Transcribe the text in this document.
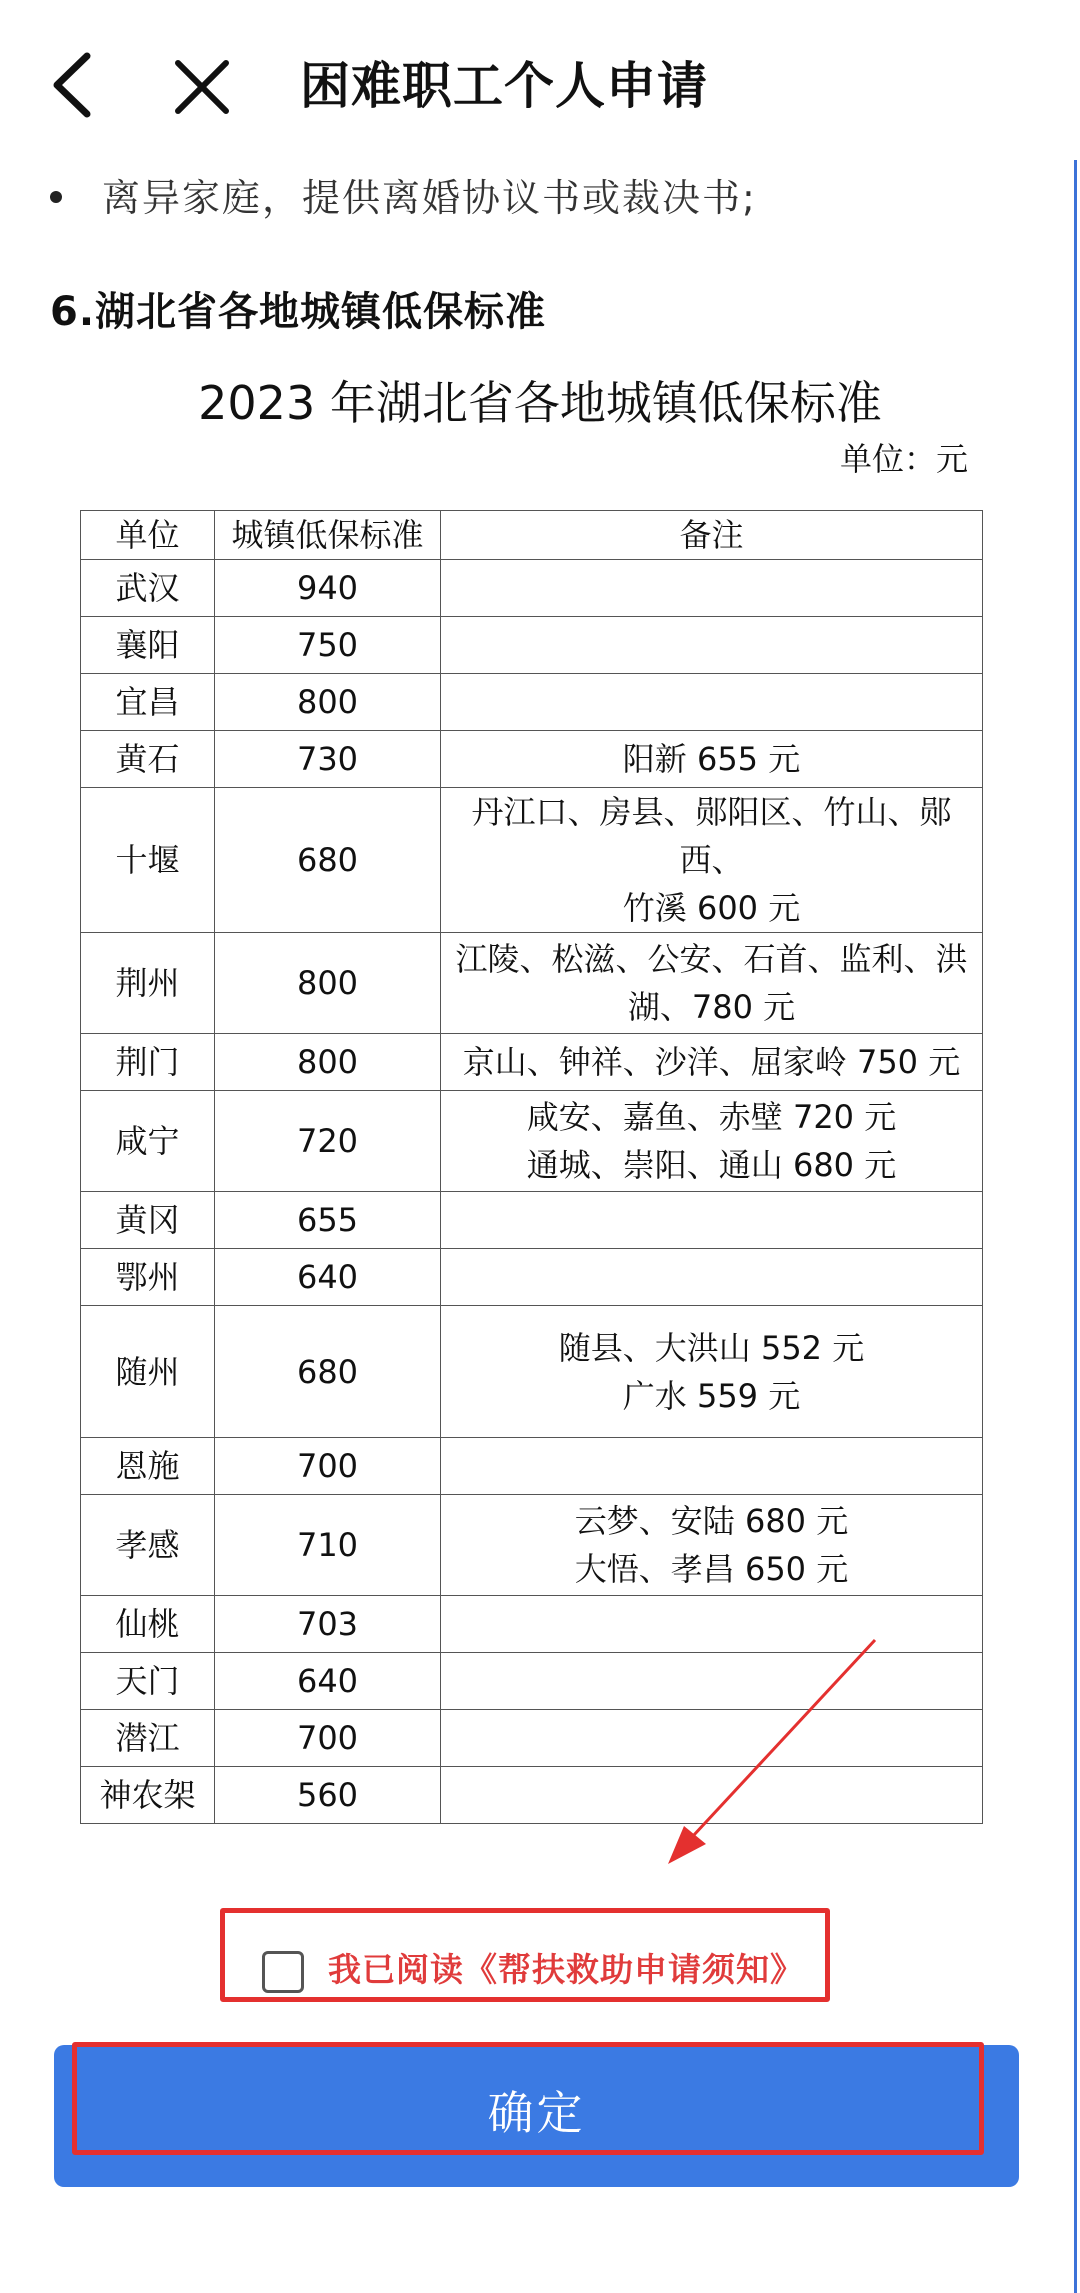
困难职工个人申请
离异家庭，提供离婚协议书或裁决书;
6.湖北省各地城镇低保标准
2023 年湖北省各地城镇低保标准
单位：元
单位	城镇低保标准	备注
武汉	940	
襄阳	750	
宜昌	800	
黄石	730	阳新 655 元

十堰	680	丹江口、房县、郧阳区、竹山、郧西、
竹溪 600 元

荆州	800	江陵、松滋、公安、石首、监利、洪
湖、780 元

荆门	800	京山、钟祥、沙洋、屈家岭 750 元

咸宁	720	咸安、嘉鱼、赤壁 720 元
通城、崇阳、通山 680 元

黄冈	655	
鄂州	640	
随州	680	随县、大洪山 552 元
广水 559 元

恩施	700	
孝感	710	云梦、安陆 680 元
大悟、孝昌 650 元

仙桃	703	
天门	640	
潜江	700	
神农架	560	
我已阅读《帮扶救助申请须知》
确定
